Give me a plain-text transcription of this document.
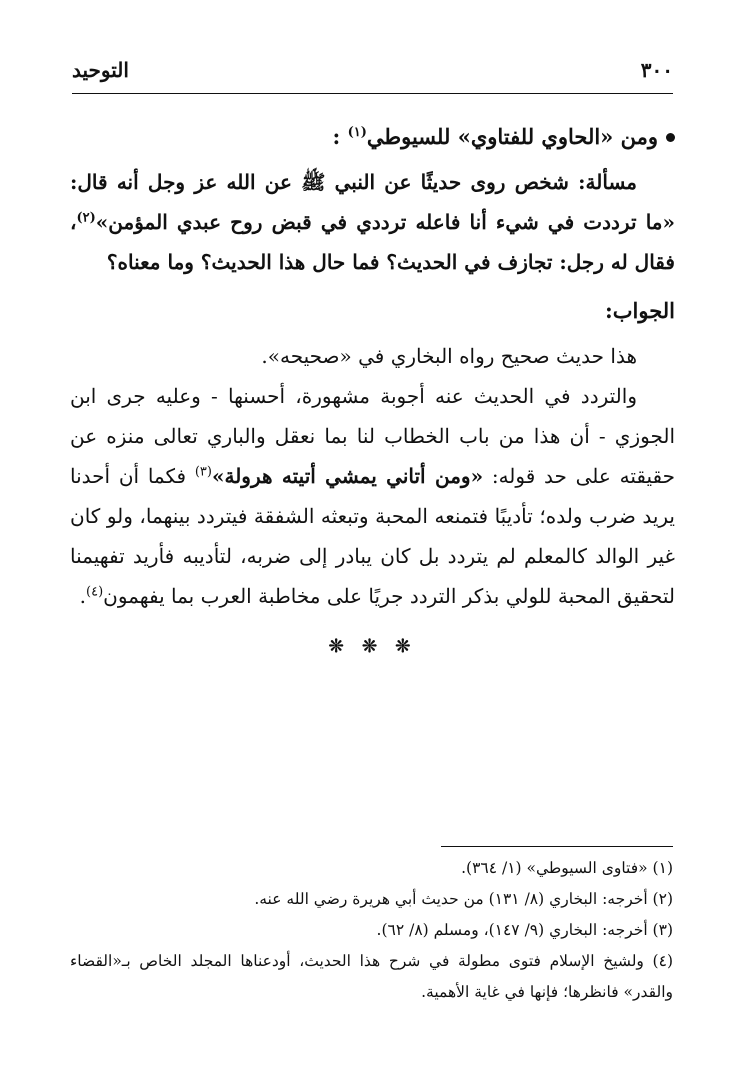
٣٠٠
التوحيد
ومن «الحاوي للفتاوي» للسيوطي$^{(١)}$ :

مسألة: شخص روى حديثًا عن النبي ﷺ عن الله عز وجل أنه قال: «ما ترددت في شيء أنا فاعله ترددي في قبض روح عبدي المؤمن»$^{(٢)}$، فقال له رجل: تجازف في الحديث؟ فما حال هذا الحديث؟ وما معناه؟

الجواب:

هذا حديث صحيح رواه البخاري في «صحيحه».

والتردد في الحديث عنه أجوبة مشهورة، أحسنها - وعليه جرى ابن الجوزي - أن هذا من باب الخطاب لنا بما نعقل والباري تعالى منزه عن حقيقته على حد قوله: «ومن أتاني يمشي أتيته هرولة»$^{(٣)}$ فكما أن أحدنا يريد ضرب ولده؛ تأديبًا فتمنعه المحبة وتبعثه الشفقة فيتردد بينهما، ولو كان غير الوالد كالمعلم لم يتردد بل كان يبادر إلى ضربه، لتأديبه فأريد تفهيمنا لتحقيق المحبة للولي بذكر التردد جريًا على مخاطبة العرب بما يفهمون$^{(٤)}$.

❊ ❊ ❊

(١) «فتاوى السيوطي» (١/ ٣٦٤).

(٢) أخرجه: البخاري (٨/ ١٣١) من حديث أبي هريرة رضي الله عنه.

(٣) أخرجه: البخاري (٩/ ١٤٧)، ومسلم (٨/ ٦٢).

(٤) ولشيخ الإسلام فتوى مطولة في شرح هذا الحديث، أودعناها المجلد الخاص بـ«القضاء والقدر» فانظرها؛ فإنها في غاية الأهمية.
